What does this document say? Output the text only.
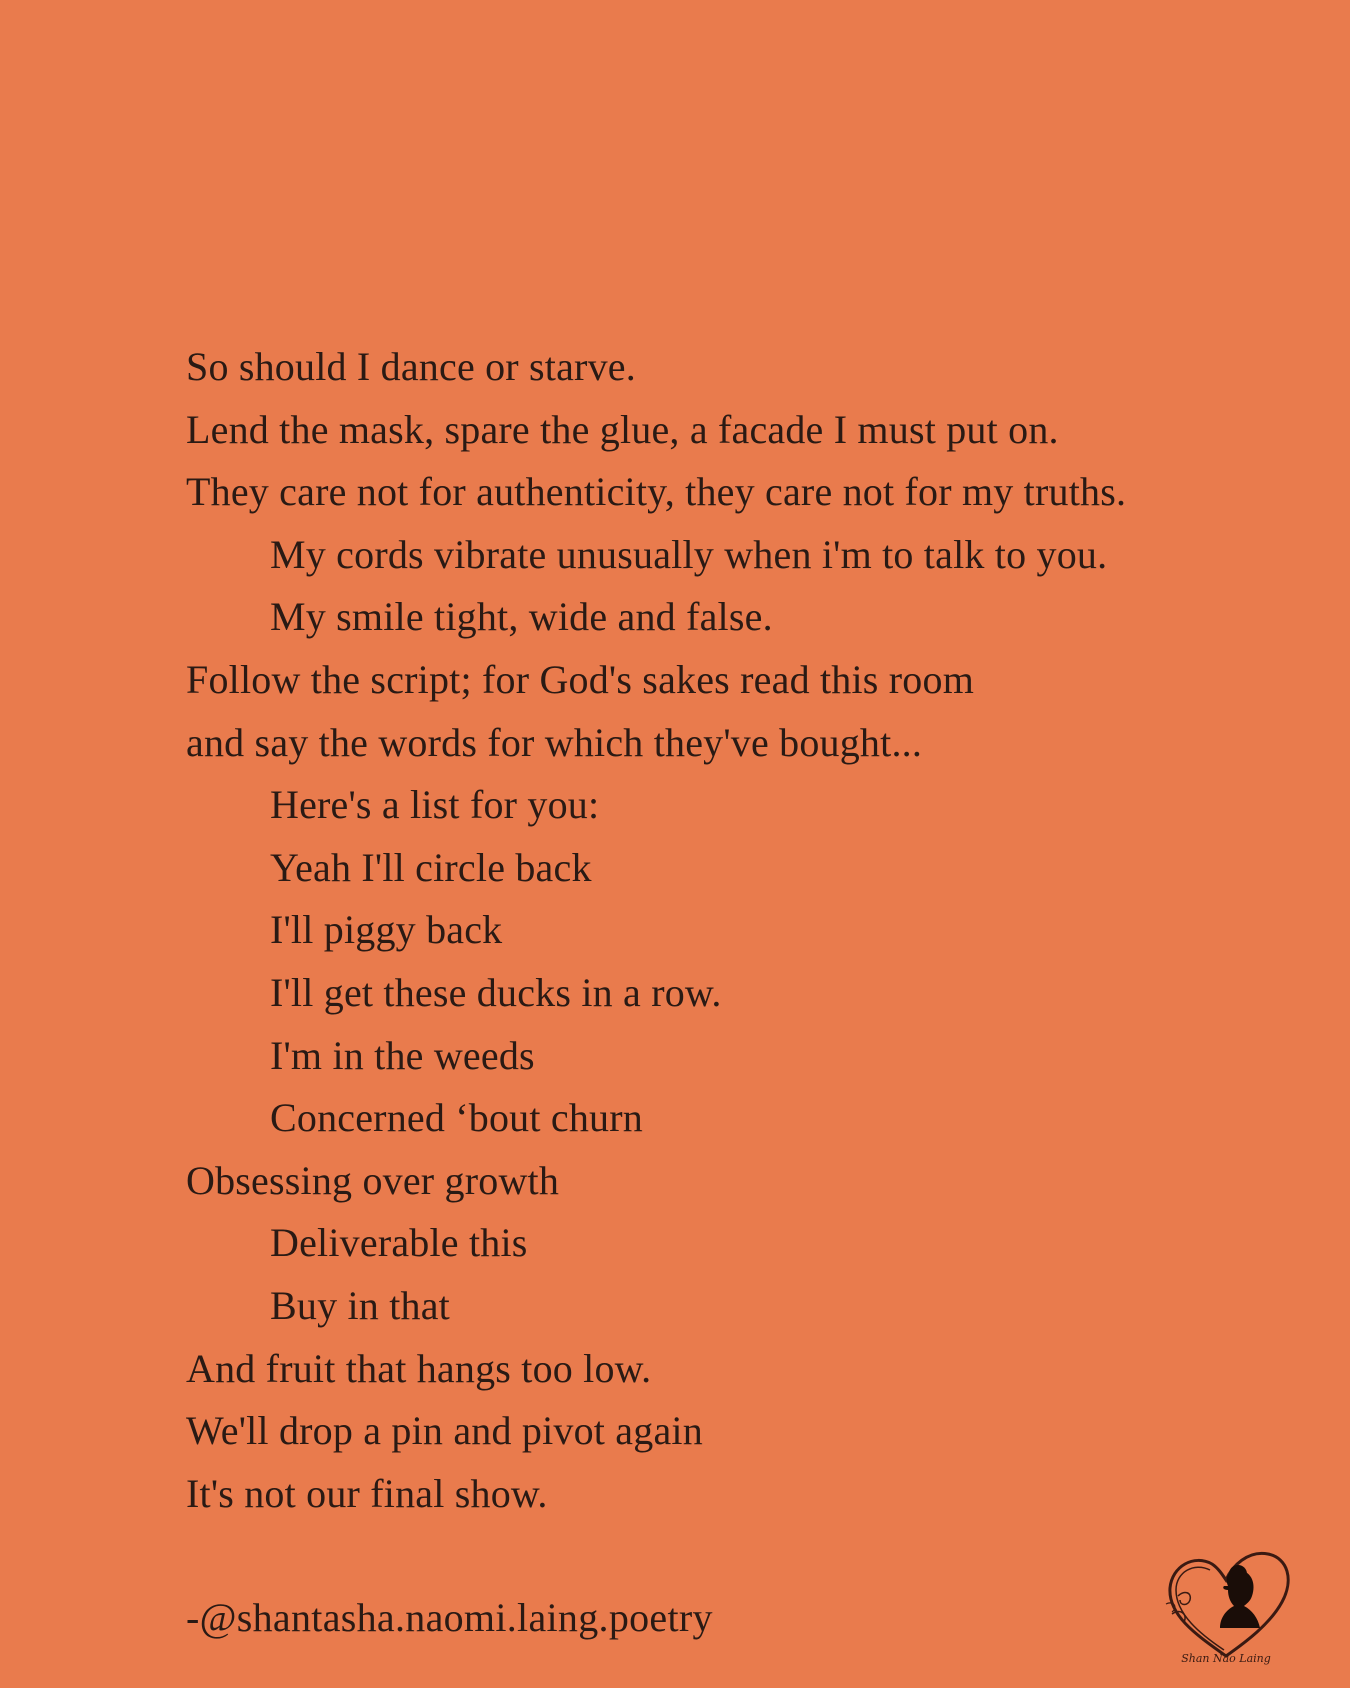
So should I dance or starve.
Lend the mask, spare the glue, a facade I must put on.
They care not for authenticity, they care not for my truths.
My cords vibrate unusually when i'm to talk to you.
My smile tight, wide and false.
Follow the script; for God's sakes read this room
and say the words for which they've bought...
Here's a list for you:
Yeah I'll circle back
I'll piggy back
I'll get these ducks in a row.
I'm in the weeds
Concerned ‘bout churn
Obsessing over growth
Deliverable this
Buy in that
And fruit that hangs too low.
We'll drop a pin and pivot again
It's not our final show.
-@shantasha.naomi.laing.poetry
Shan Nao Laing
